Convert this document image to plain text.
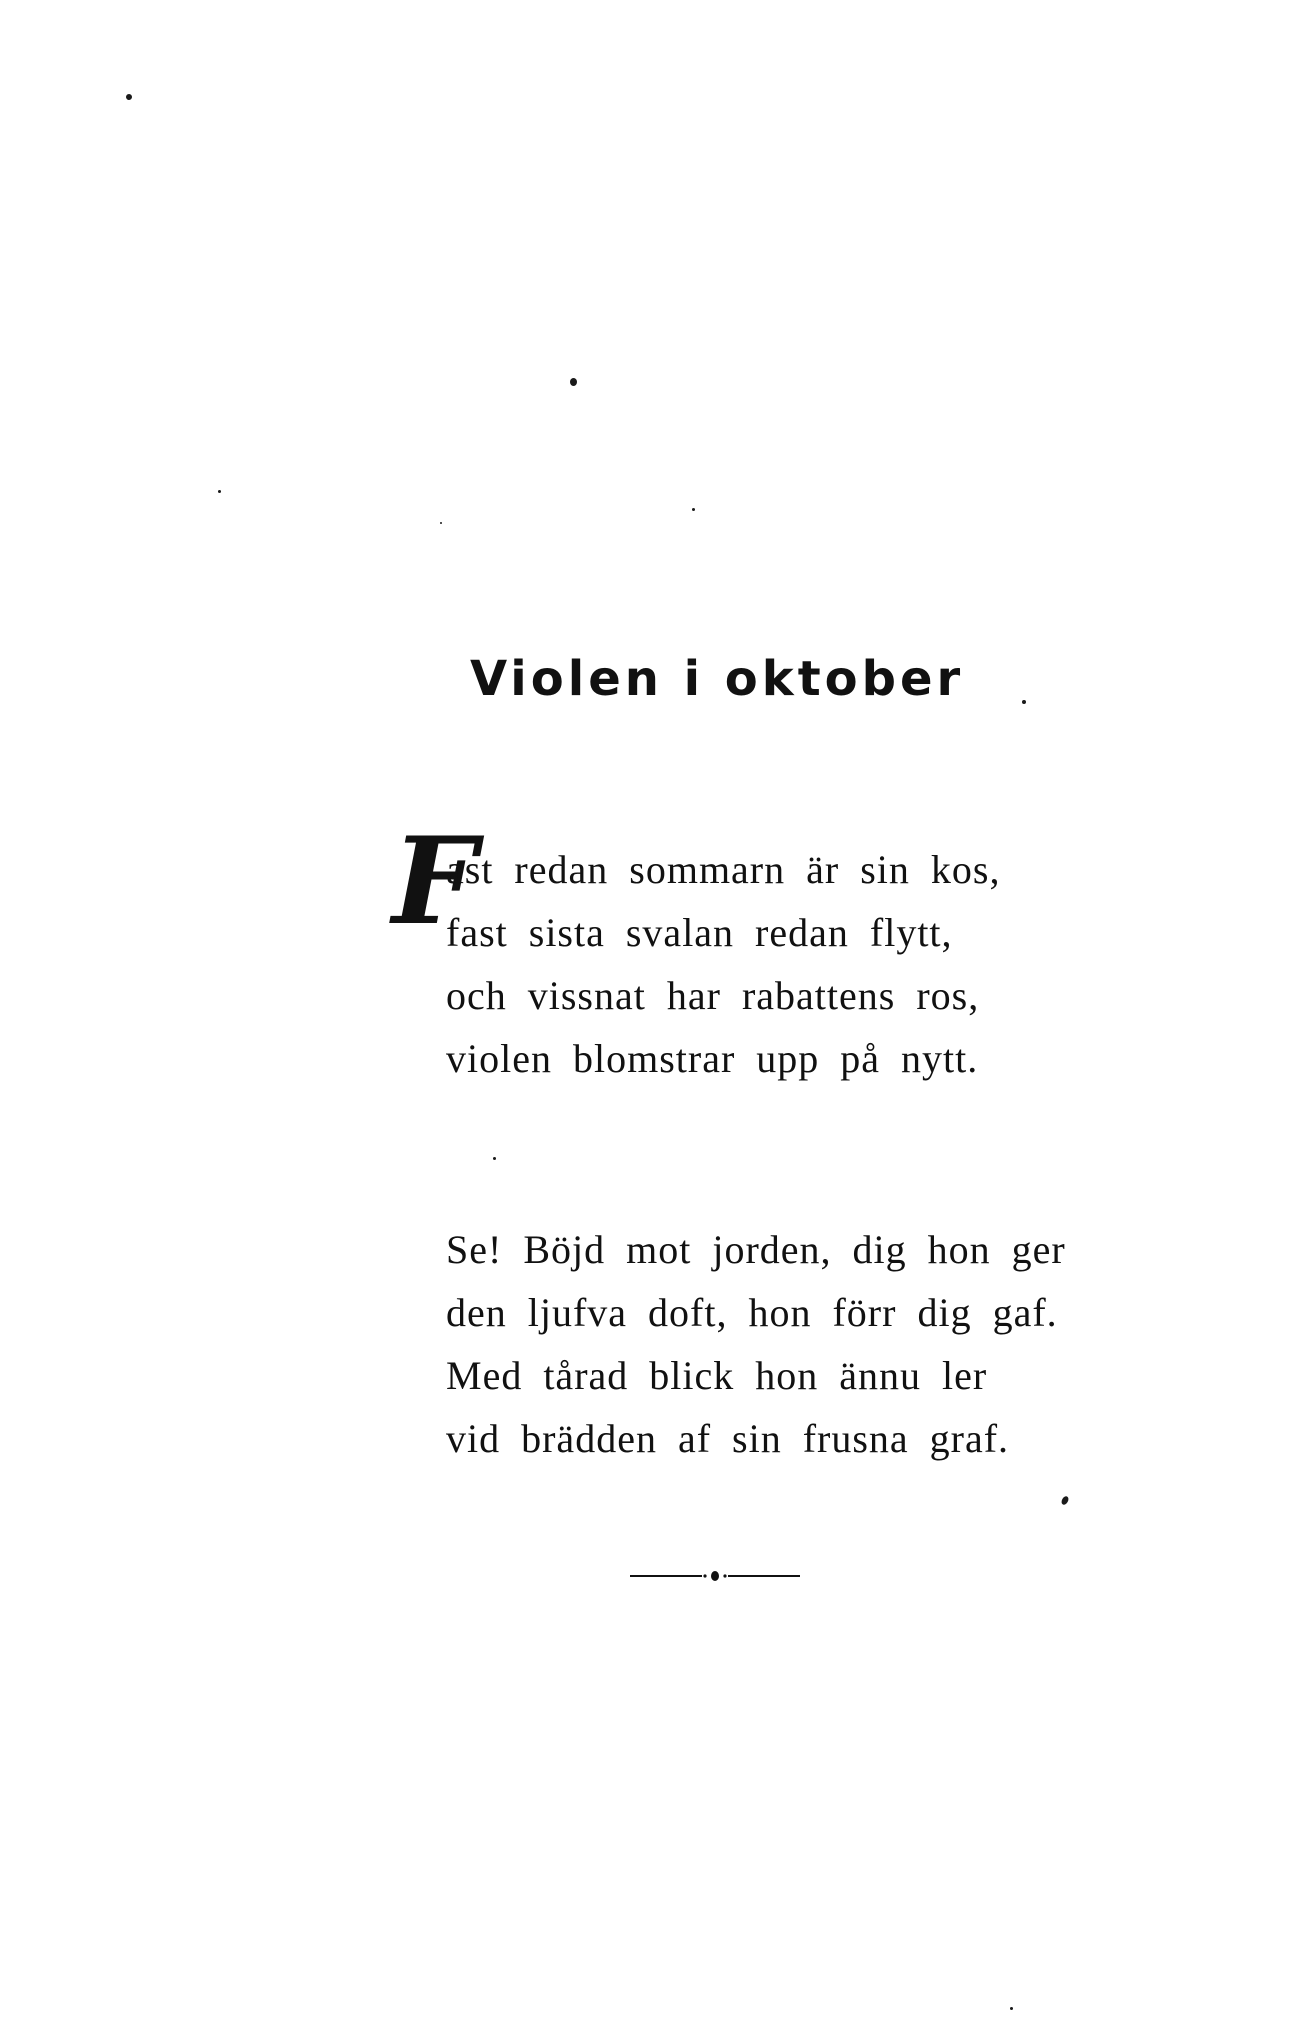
Violen i oktober
F
ast redan sommarn är sin kos,
fast sista svalan redan flytt,
och vissnat har rabattens ros,
violen blomstrar upp på nytt.
Se! Böjd mot jorden, dig hon ger
den ljufva doft, hon förr dig gaf.
Med tårad blick hon ännu ler
vid brädden af sin frusna graf.
